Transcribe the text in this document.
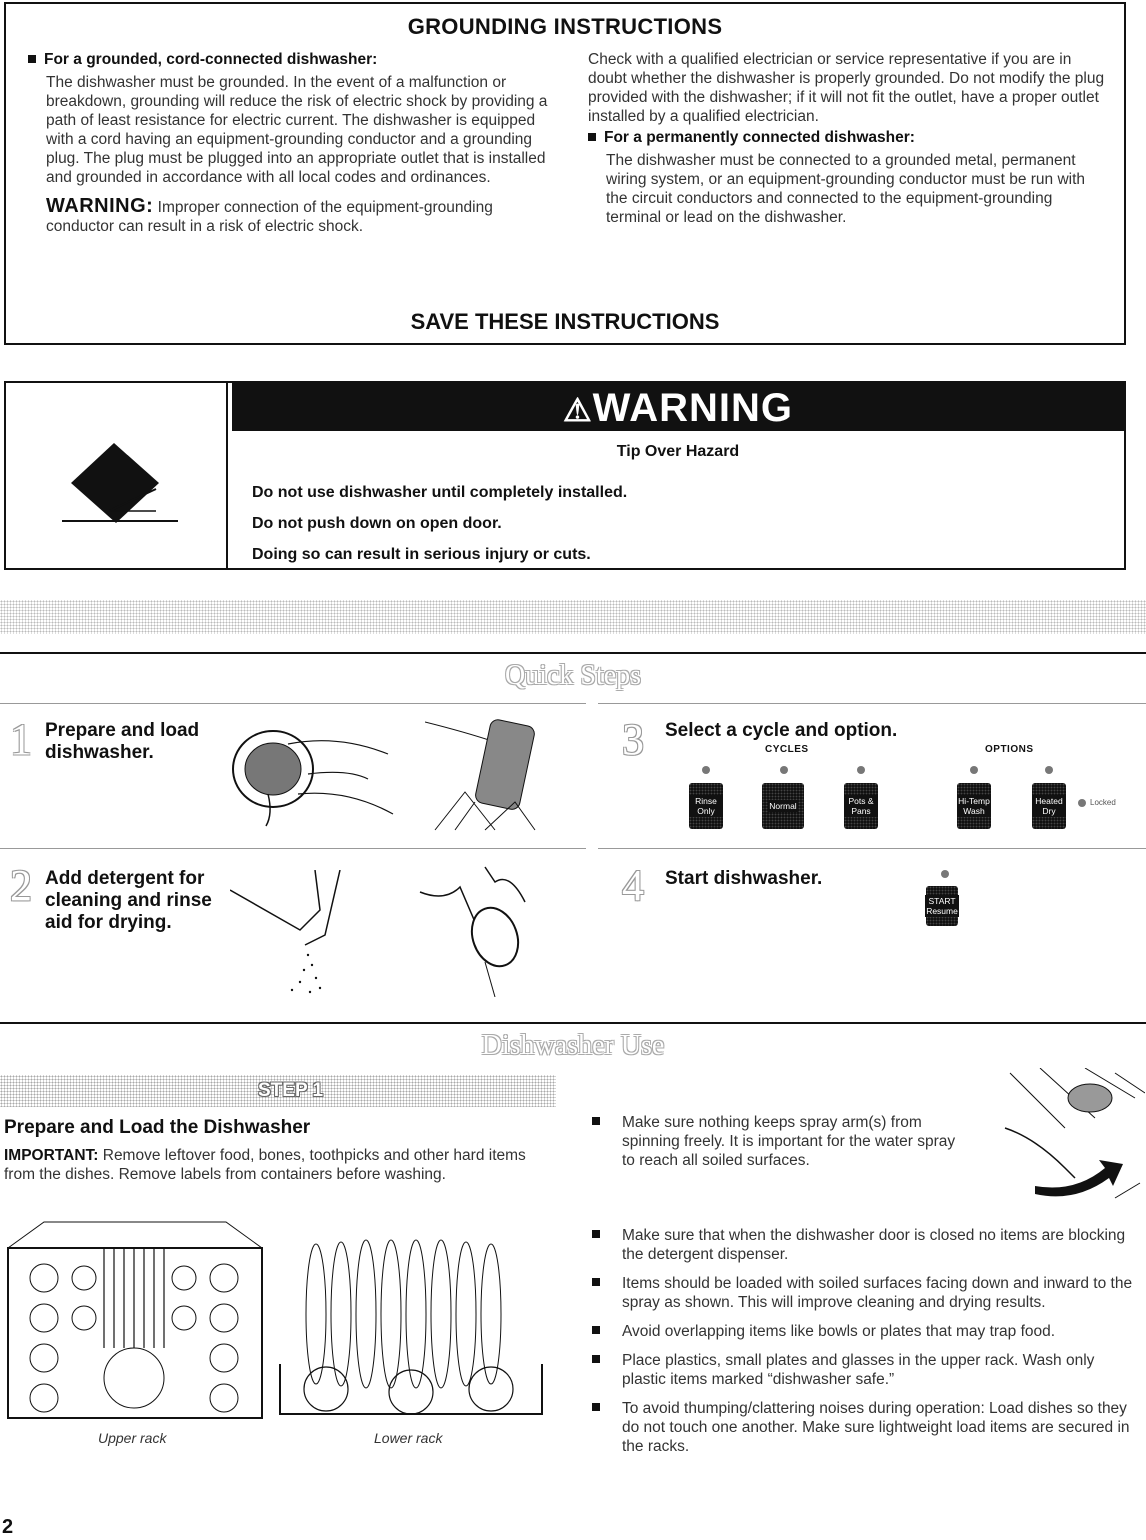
GROUNDING INSTRUCTIONS
For a grounded, cord-connected dishwasher:

The dishwasher must be grounded. In the event of a malfunction or breakdown, grounding will reduce the risk of electric shock by providing a path of least resistance for electric current. The dishwasher is equipped with a cord having an equipment-grounding conductor and a grounding plug. The plug must be plugged into an appropriate outlet that is installed and grounded in accordance with all local codes and ordinances.

WARNING: Improper connection of the equipment-grounding conductor can result in a risk of electric shock.

Check with a qualified electrician or service representative if you are in doubt whether the dishwasher is properly grounded. Do not modify the plug provided with the dishwasher; if it will not fit the outlet, have a proper outlet installed by a qualified electrician.

For a permanently connected dishwasher:

The dishwasher must be connected to a grounded metal, permanent wiring system, or an equipment-grounding conductor must be run with the circuit conductors and connected to the equipment-grounding terminal or lead on the dishwasher.

SAVE THESE INSTRUCTIONS
⚠WARNING
Tip Over Hazard
Do not use dishwasher until completely installed.
Do not push down on open door.
Doing so can result in serious injury or cuts.
Quick Steps
1 Prepare and load dishwasher.
2 Add detergent for cleaning and rinse aid for drying.
3 Select a cycle and option.
CYCLES	OPTIONS
Rinse Only	Normal	Pots & Pans
Hi-Temp Wash
Heated Dry
Locked
4 Start dishwasher.
START Resume
Dishwasher Use
STEP 1
Prepare and Load the Dishwasher

IMPORTANT: Remove leftover food, bones, toothpicks and other hard items from the dishes. Remove labels from containers before washing.

Upper rack	Lower rack
Make sure nothing keeps spray arm(s) from spinning freely. It is important for the water spray to reach all soiled surfaces.
Make sure that when the dishwasher door is closed no items are blocking the detergent dispenser.
Items should be loaded with soiled surfaces facing down and inward to the spray as shown. This will improve cleaning and drying results.
Avoid overlapping items like bowls or plates that may trap food.
Place plastics, small plates and glasses in the upper rack. Wash only plastic items marked “dishwasher safe.”
To avoid thumping/clattering noises during operation: Load dishes so they do not touch one another. Make sure lightweight load items are secured in the racks.
2
